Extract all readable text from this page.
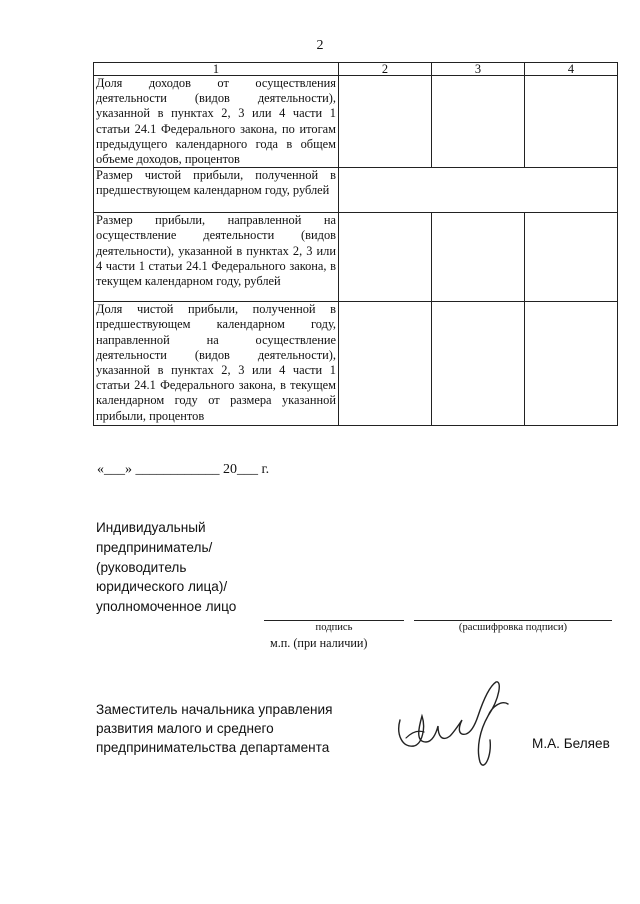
2
1	2	3	4
Доля доходов от осуществления деятельности (видов деятельности), указанной в пунктах 2, 3 или 4 части 1 статьи 24.1 Федерального закона, по итогам предыдущего календарного года в общем объеме доходов, процентов			
Размер чистой прибыли, полученной в предшествующем календарном году, рублей			
Размер прибыли, направленной на осуществление деятельности (видов деятельности), указанной в пунктах 2, 3 или 4 части 1 статьи 24.1 Федерального закона, в текущем календарном году, рублей			
Доля чистой прибыли, полученной в предшествующем календарном году, направленной на осуществление деятельности (видов деятельности), указанной в пунктах 2, 3 или 4 части 1 статьи 24.1 Федерального закона, в текущем календарном году от размера указанной прибыли, процентов			
«___» ____________ 20___ г.
Индивидуальный предприниматель/ (руководитель юридического лица)/уполномоченное лицо
подпись	(расшифровка подписи)
м.п. (при наличии)
Заместитель начальника управления развития малого и среднего предпринимательства департамента	М.А. Беляев
